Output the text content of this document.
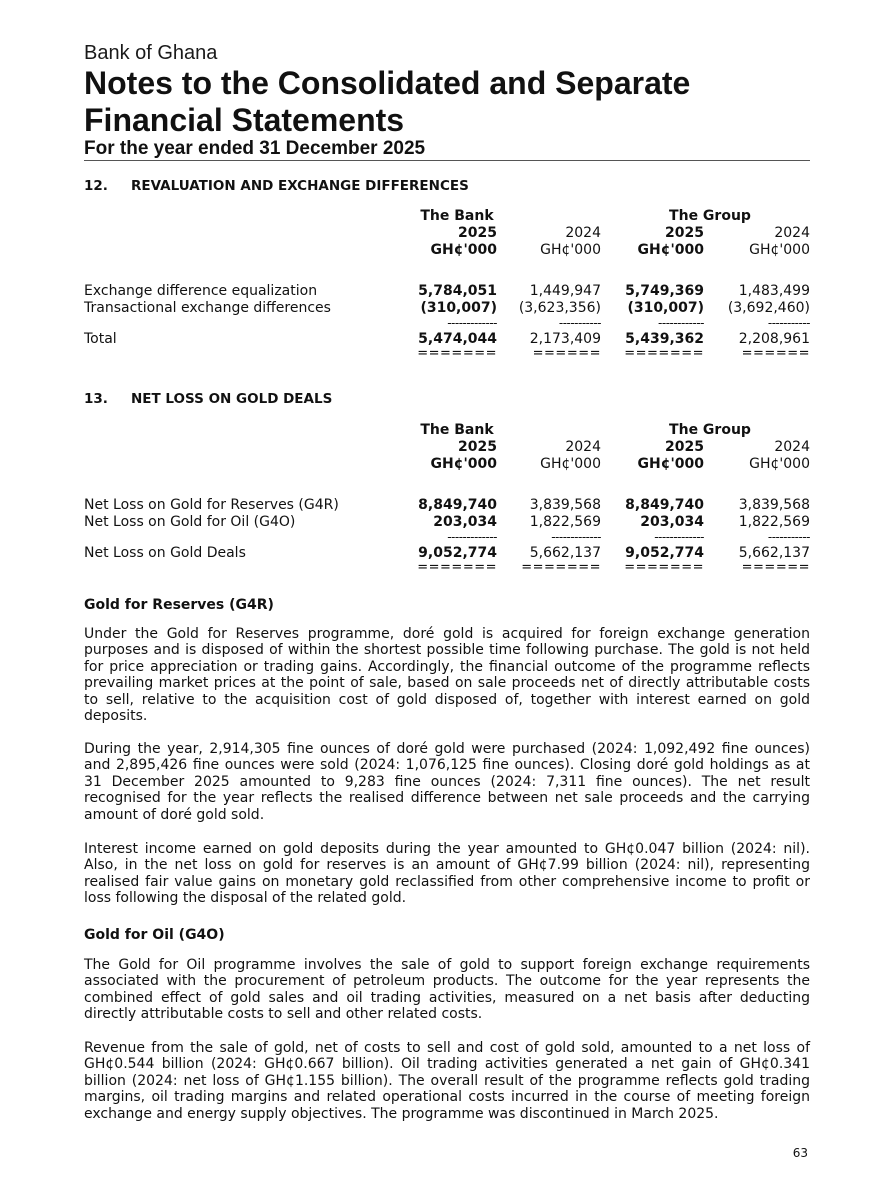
Bank of Ghana
Notes to the Consolidated and Separate Financial Statements
For the year ended 31 December 2025
12. REVALUATION AND EXCHANGE DIFFERENCES
The Bank	The Group
2025	2024	2025	2024
GH¢'000	GH¢'000	GH¢'000	GH¢'000
Exchange difference equalization	5,784,051 1,449,947 5,749,369 1,483,499
Transactional exchange differences	(310,007) (3,623,356) (310,007) (3,692,460)
-------------	-----------	------------	-----------
Total	5,474,044 2,173,409 5,439,362 2,208,961
=======	====== =======	======
13. NET LOSS ON GOLD DEALS
The Bank	The Group
2025	2024	2025	2024
GH¢'000	GH¢'000	GH¢'000	GH¢'000
Net Loss on Gold for Reserves (G4R)	8,849,740 3,839,568 8,849,740 3,839,568
Net Loss on Gold for Oil (G4O)	203,034 1,822,569	203,034 1,822,569
-------------	-------------	-------------	-----------
Net Loss on Gold Deals	9,052,774 5,662,137 9,052,774 5,662,137
======= ======= =======	======
Gold for Reserves (G4R)
Under the Gold for Reserves programme, doré gold is acquired for foreign exchange generation purposes and is disposed of within the shortest possible time following purchase. The gold is not held for price appreciation or trading gains. Accordingly, the financial outcome of the programme reflects prevailing market prices at the point of sale, based on sale proceeds net of directly attributable costs to sell, relative to the acquisition cost of gold disposed of, together with interest earned on gold deposits.
During the year, 2,914,305 fine ounces of doré gold were purchased (2024: 1,092,492 fine ounces) and 2,895,426 fine ounces were sold (2024: 1,076,125 fine ounces). Closing doré gold holdings as at 31 December 2025 amounted to 9,283 fine ounces (2024: 7,311 fine ounces). The net result recognised for the year reflects the realised difference between net sale proceeds and the carrying amount of doré gold sold.
Interest income earned on gold deposits during the year amounted to GH¢0.047 billion (2024: nil). Also, in the net loss on gold for reserves is an amount of GH¢7.99 billion (2024: nil), representing realised fair value gains on monetary gold reclassified from other comprehensive income to profit or loss following the disposal of the related gold.
Gold for Oil (G4O)
The Gold for Oil programme involves the sale of gold to support foreign exchange requirements associated with the procurement of petroleum products. The outcome for the year represents the combined effect of gold sales and oil trading activities, measured on a net basis after deducting directly attributable costs to sell and other related costs.
Revenue from the sale of gold, net of costs to sell and cost of gold sold, amounted to a net loss of GH¢0.544 billion (2024: GH¢0.667 billion). Oil trading activities generated a net gain of GH¢0.341 billion (2024: net loss of GH¢1.155 billion). The overall result of the programme reflects gold trading margins, oil trading margins and related operational costs incurred in the course of meeting foreign exchange and energy supply objectives. The programme was discontinued in March 2025.
63
